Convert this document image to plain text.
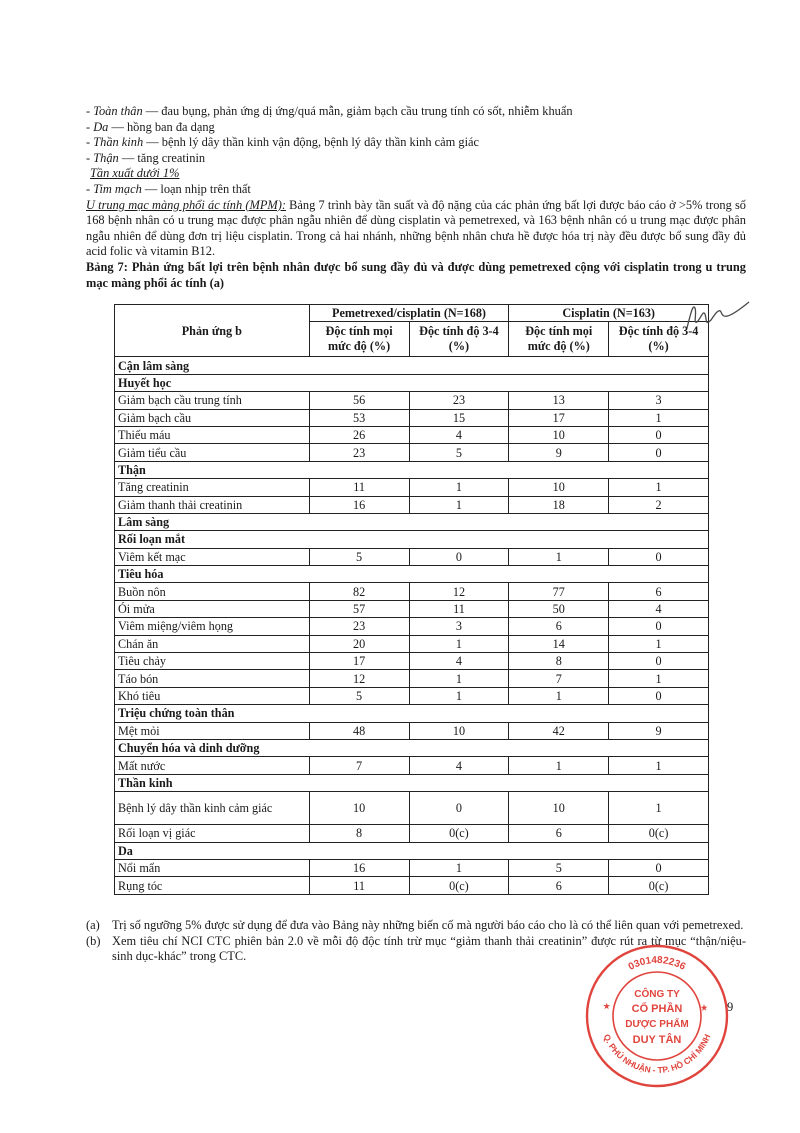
- Toàn thân — đau bụng, phản ứng dị ứng/quá mẫn, giảm bạch cầu trung tính có sốt, nhiễm khuẩn

- Da — hồng ban đa dạng

- Thần kinh — bệnh lý dây thần kinh vận động, bệnh lý dây thần kinh cảm giác

- Thận — tăng creatinin

Tần xuất dưới 1%

- Tim mạch — loạn nhịp trên thất

U trung mạc màng phổi ác tính (MPM): Bảng 7 trình bày tần suất và độ nặng của các phản ứng bất lợi được báo cáo ở >5% trong số 168 bệnh nhân có u trung mạc được phân ngẫu nhiên để dùng cisplatin và pemetrexed, và 163 bệnh nhân có u trung mạc được phân ngẫu nhiên để dùng đơn trị liệu cisplatin. Trong cả hai nhánh, những bệnh nhân chưa hề được hóa trị này đều được bổ sung đầy đủ acid folic và vitamin B12.

Bảng 7: Phản ứng bất lợi trên bệnh nhân được bổ sung đầy đủ và được dùng pemetrexed cộng với cisplatin trong u trung mạc màng phổi ác tính (a)

Phản ứng b	Pemetrexed/cisplatin (N=168)		Cisplatin (N=163)	
	Độc tính mọi mức độ (%)	Độc tính độ 3-4 (%)	Độc tính mọi mức độ (%)	Độc tính độ 3-4 (%)
Cận lâm sàng				
Huyết học				
Giảm bạch cầu trung tính	56	23	13	3
Giảm bạch cầu	53	15	17	1
Thiếu máu	26	4	10	0
Giảm tiểu cầu	23	5	9	0
Thận				
Tăng creatinin	11	1	10	1
Giảm thanh thải creatinin	16	1	18	2
Lâm sàng				
Rối loạn mắt				
Viêm kết mạc	5	0	1	0
Tiêu hóa				
Buồn nôn	82	12	77	6
Ói mửa	57	11	50	4
Viêm miệng/viêm họng	23	3	6	0
Chán ăn	20	1	14	1
Tiêu chảy	17	4	8	0
Táo bón	12	1	7	1
Khó tiêu	5	1	1	0
Triệu chứng toàn thân				
Mệt mỏi	48	10	42	9
Chuyển hóa và dinh dưỡng				
Mất nước	7	4	1	1
Thần kinh				
Bệnh lý dây thần kinh cảm giác	10	0	10	1
Rối loạn vị giác	8	0(c)	6	0(c)
Da				
Nổi mẩn	16	1	5	0
Rụng tóc	11	0(c)	6	0(c)

(a) Trị số ngưỡng 5% được sử dụng để đưa vào Bảng này những biến cố mà người báo cáo cho là có thể liên quan với pemetrexed.

(b) Xem tiêu chí NCI CTC phiên bản 2.0 về mỗi độ độc tính trừ mục “giảm thanh thải creatinin” được rút ra từ mục “thận/niệu-sinh dục-khác” trong CTC.

9
0301482236
Q. PHÚ NHUẬN - TP. HỒ CHÍ MINH
CÔNG TY
CỔ PHẦN
DƯỢC PHẨM
DUY TÂN
★	★
